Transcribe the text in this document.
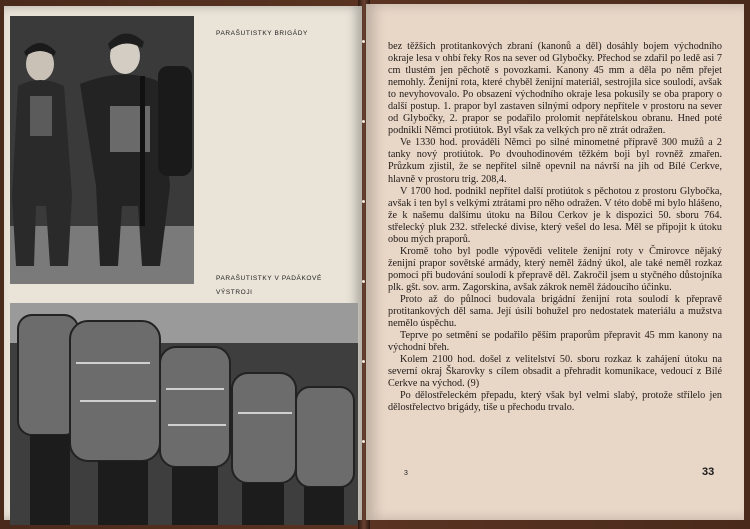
PARAŠUTISTKY BRIGÁDY
PARAŠUTISTKY V PADÁKOVÉ VÝSTROJI

bez těžších protitankových zbraní (kanonů a děl) dosáhly bojem východního okraje lesa v ohbí řeky Ros na sever od Glybočky. Přechod se zdařil po ledě asi 7 cm tlustém jen pěchotě s povozkami. Kanony 45 mm a děla po něm přejet nemohly. Ženijní rota, které chyběl ženijní materiál, sestrojila sice soulodí, avšak to nevyhovovalo. Po obsazení východního okraje lesa pokusily se oba prapory o další postup. 1. prapor byl zastaven silnými odpory nepřítele v prostoru na sever od Glybočky, 2. prapor se podařilo prolomit nepřátelskou obranu. Hned poté podnikli Němci protiútok. Byl však za velkých pro ně ztrát odražen.

Ve 1330 hod. prováděli Němci po silné minometné přípravě 300 mužů a 2 tanky nový protiútok. Po dvouhodinovém těžkém boji byl rovněž zmařen. Průzkum zjistil, že se nepřítel silně opevnil na návrší na jih od Bílé Cerkve, hlavně v prostoru trig. 208,4.

V 1700 hod. podnikl nepřítel další protiútok s pěchotou z prostoru Glybočka, avšak i ten byl s velkými ztrátami pro něho odražen. V této době mi bylo hlášeno, že k našemu dalšímu útoku na Bílou Cerkov je k dispozici 50. sboru 764. střelecký pluk 232. střelecké divise, který vešel do lesa. Měl se připojit k útoku obou mých praporů.

Kromě toho byl podle výpovědi velitele ženijní roty v Čmirovce nějaký ženijní prapor sovětské armády, který neměl žádný úkol, ale také neměl rozkaz pomoci při budování soulodí k přepravě děl. Zakročil jsem u styčného důstojníka plk. gšt. sov. arm. Zagorskina, avšak zákrok neměl žádoucího účinku.

Proto až do půlnoci budovala brigádní ženijní rota soulodí k přepravě protitankových děl sama. Její úsilí bohužel pro nedostatek materiálu a mužstva nemělo úspěchu.

Teprve po setmění se podařilo pěším praporům přepravit 45 mm kanony na východní břeh.

Kolem 2100 hod. došel z velitelství 50. sboru rozkaz k zahájení útoku na severní okraj Škarovky s cílem obsadit a přehradit komunikace, vedoucí z Bílé Cerkve na východ. (9)

Po dělostřeleckém přepadu, který však byl velmi slabý, protože střílelo jen dělostřelectvo brigády, tiše u přechodu trvalo.

3	33
